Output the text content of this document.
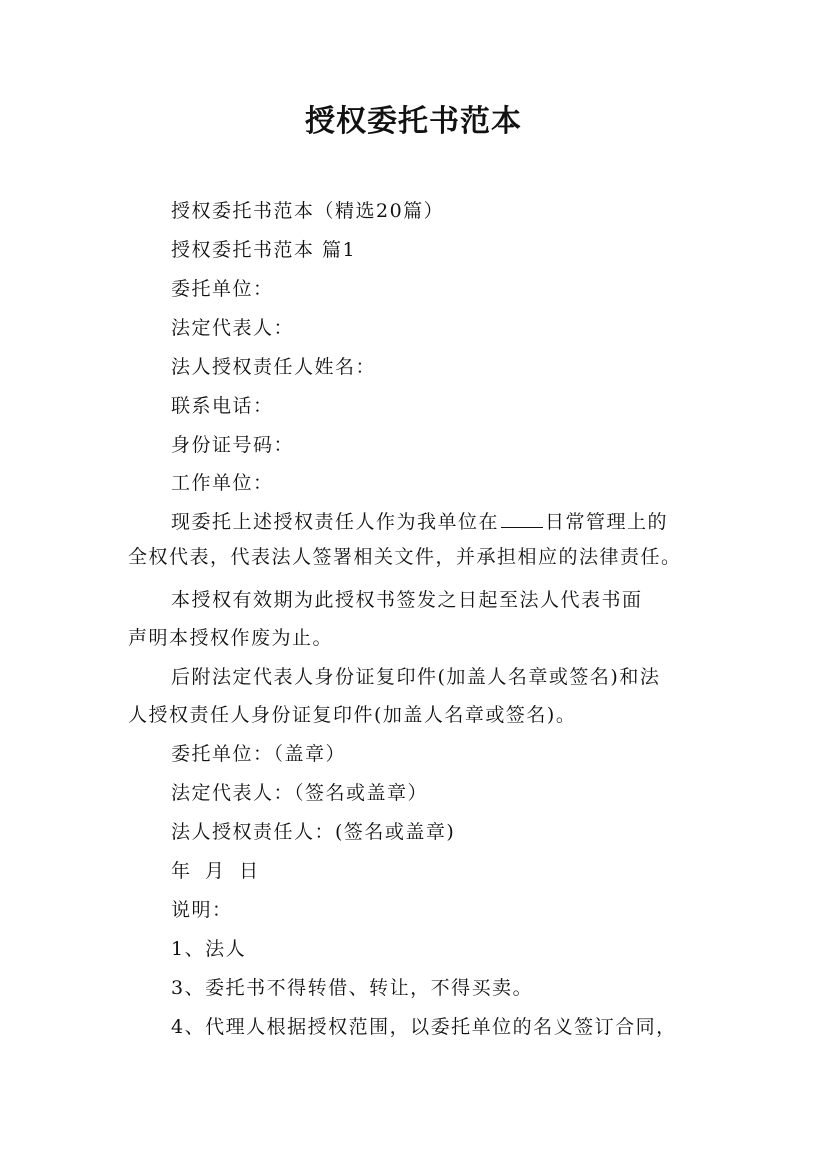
授权委托书范本
授权委托书范本（精选20篇）
授权委托书范本 篇1
委托单位：
法定代表人：
法人授权责任人姓名：
联系电话：
身份证号码：
工作单位：
现委托上述授权责任人作为我单位在 日常管理上的
全权代表，代表法人签署相关文件，并承担相应的法律责任。
本授权有效期为此授权书签发之日起至法人代表书面
声明本授权作废为止。
后附法定代表人身份证复印件(加盖人名章或签名)和法
人授权责任人身份证复印件(加盖人名章或签名)。
委托单位：（盖章）
法定代表人：（签名或盖章）
法人授权责任人：(签名或盖章)
年 月 日
说明：
1、法人
3、委托书不得转借、转让，不得买卖。
4、代理人根据授权范围，以委托单位的名义签订合同，
